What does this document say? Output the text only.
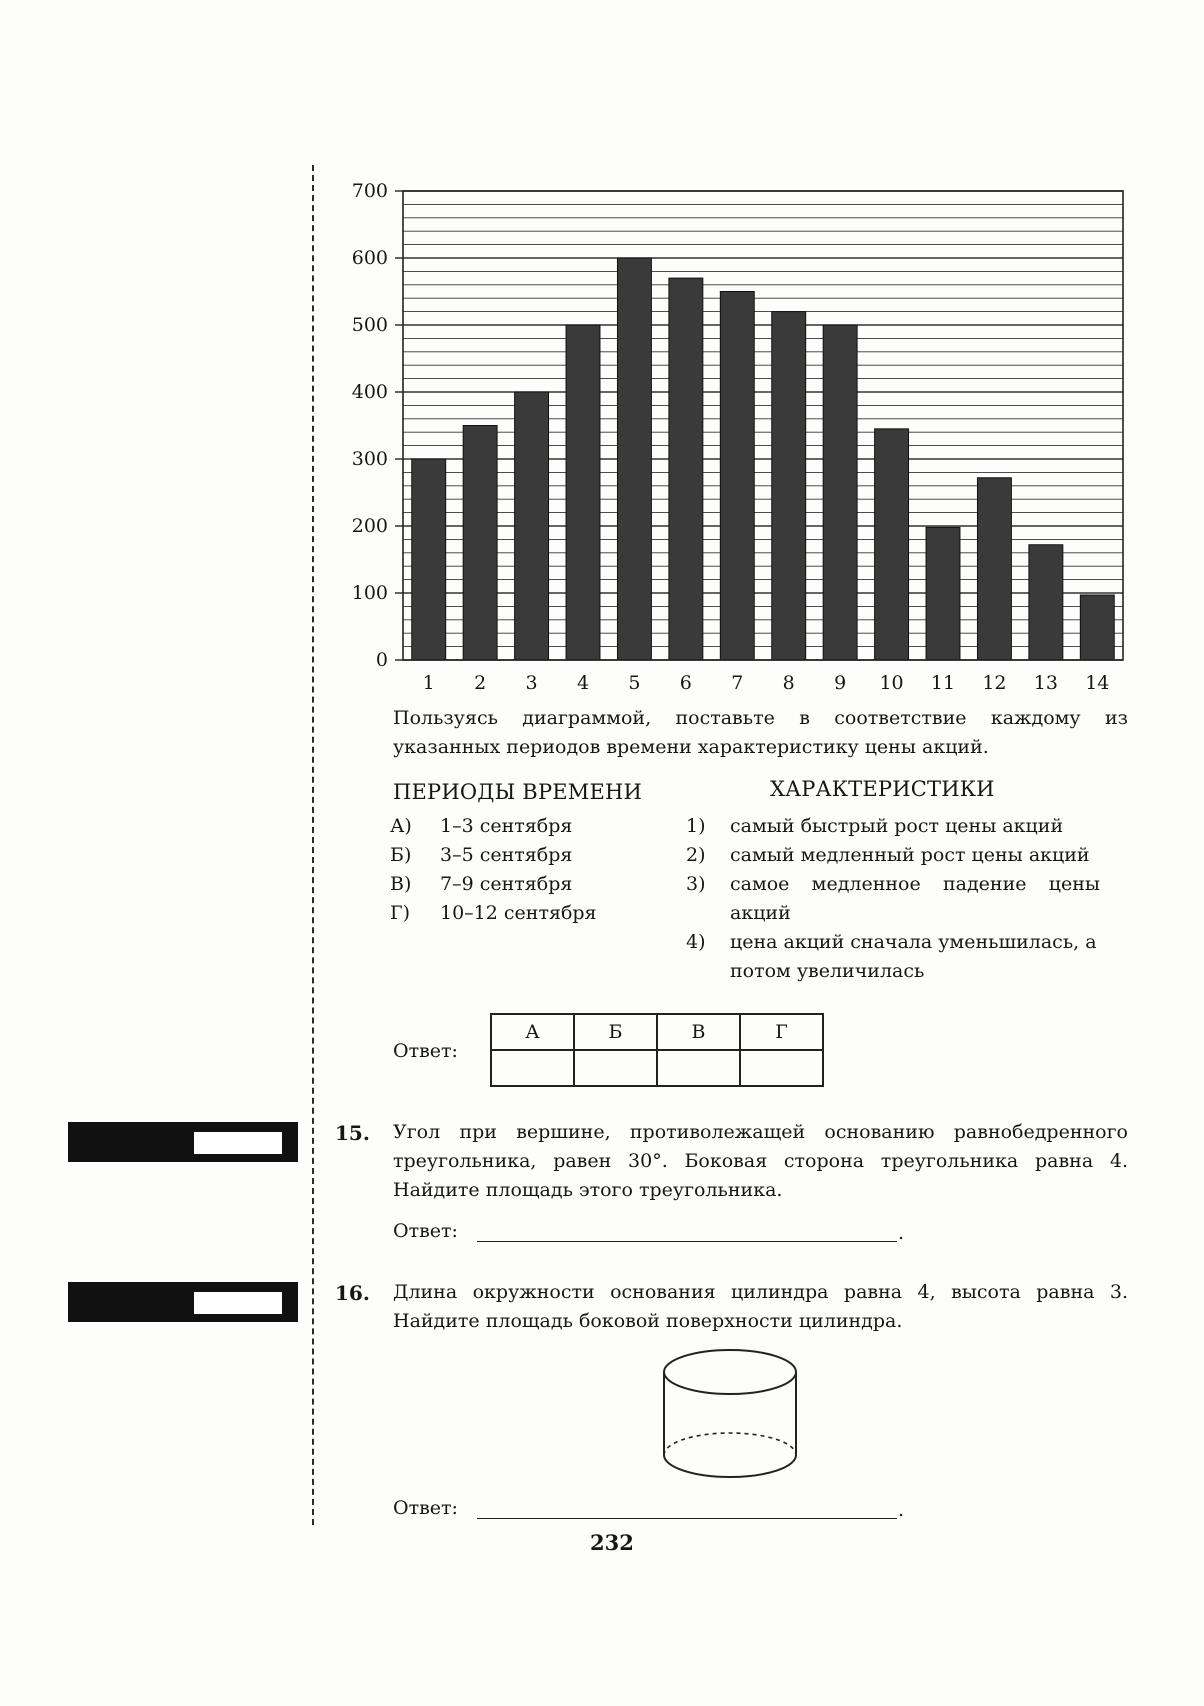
0
100
200
300
400
500
600
700
1 2 3 4 5 6 7 8 9 10 11 12 13 14
Пользуясь диаграммой, поставьте в соответствие каждому из указанных периодов времени характеристику цены акций.
ПЕРИОДЫ ВРЕМЕНИ	ХАРАКТЕРИСТИКИ
А) 1–3 сентября
Б) 3–5 сентября
В) 7–9 сентября
Г) 10–12 сентября
1)	самый быстрый рост цены акций
2)	самый медленный рост цены акций
3)	самое медленное падение цены акций
4)	цена акций сначала уменьшилась, а потом увеличилась
Ответ:
А	Б	В	Г

15. Угол при вершине, противолежащей основанию равнобедренного треугольника, равен 30°. Боковая сторона треугольника равна 4. Найдите площадь этого треугольника.
Ответ:	.
16. Длина окружности основания цилиндра равна 4, высота равна 3. Найдите площадь боковой поверхности цилиндра.
Ответ:	.
232
